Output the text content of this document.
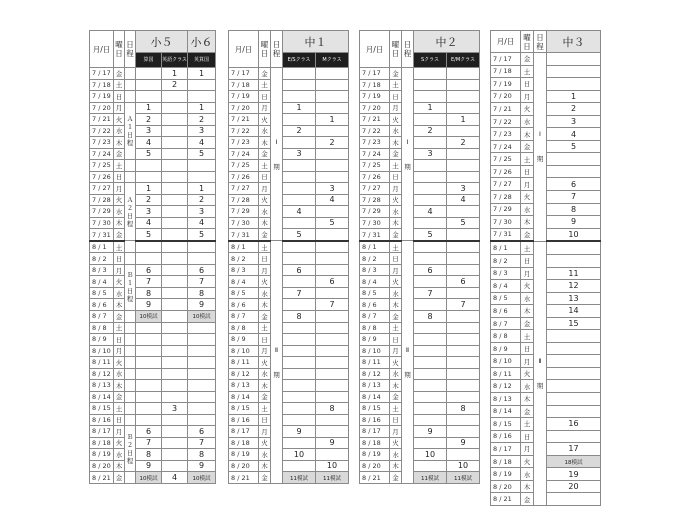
月/日	曜
日	日
程	小５		小６
			算国	英語クラス	英算国
7 / 17	金			1	1
7 / 18	土			2	
7 / 19	日				
7 / 20	月	Ａ１日程	1		1
7 / 21	火		2		2
7 / 22	水		3		3
7 / 23	木		4		4
7 / 24	金		5		5
7 / 25	土				
7 / 26	日				
7 / 27	月	Ａ２日程	1		1
7 / 28	火		2		2
7 / 29	水		3		3
7 / 30	木		4		4
7 / 31	金		5		5
8 / 1	土				
8 / 2	日				
8 / 3	月	Ｂ１日程	6		6
8 / 4	火		7		7
8 / 5	水		8		8
8 / 6	木		9		9
8 / 7	金		10模試		10模試
8 / 8	土				
8 / 9	日				
8 / 10	月				
8 / 11	火				
8 / 12	水				
8 / 13	木				
8 / 14	金				
8 / 15	土			3	
8 / 16	日				
8 / 17	月	Ｂ２日程	6		6
8 / 18	火		7		7
8 / 19	水		8		8
8 / 20	木		9		9
8 / 21	金		10模試	4	10模試
月/日	曜
日	日
程	中１	
			E/Sクラス	Mクラス
7 / 17	金	Ⅰ

期		
7 / 18	土			
7 / 19	日			
7 / 20	月		1	
7 / 21	火			1
7 / 22	水		2	
7 / 23	木			2
7 / 24	金		3	
7 / 25	土			
7 / 26	日			
7 / 27	月			3
7 / 28	火			4
7 / 29	水		4	
7 / 30	木			5
7 / 31	金		5	
8 / 1	土	Ⅱ

期		
8 / 2	日			
8 / 3	月		6	
8 / 4	火			6
8 / 5	水		7	
8 / 6	木			7
8 / 7	金		8	
8 / 8	土			
8 / 9	日			
8 / 10	月			
8 / 11	火			
8 / 12	水			
8 / 13	木			
8 / 14	金			
8 / 15	土			8
8 / 16	日			
8 / 17	月		9	
8 / 18	火			9
8 / 19	水		10	
8 / 20	木			10
8 / 21	金		11模試	11模試
月/日	曜
日	日
程	中２	
			Sクラス	E/Mクラス
7 / 17	金	Ⅰ

期		
7 / 18	土			
7 / 19	日			
7 / 20	月		1	
7 / 21	火			1
7 / 22	水		2	
7 / 23	木			2
7 / 24	金		3	
7 / 25	土			
7 / 26	日			
7 / 27	月			3
7 / 28	火			4
7 / 29	水		4	
7 / 30	木			5
7 / 31	金		5	
8 / 1	土	Ⅱ

期		
8 / 2	日			
8 / 3	月		6	
8 / 4	火			6
8 / 5	水		7	
8 / 6	木			7
8 / 7	金		8	
8 / 8	土			
8 / 9	日			
8 / 10	月			
8 / 11	火			
8 / 12	水			
8 / 13	木			
8 / 14	金			
8 / 15	土			8
8 / 16	日			
8 / 17	月		9	
8 / 18	火			9
8 / 19	水		10	
8 / 20	木			10
8 / 21	金		11模試	11模試
月/日	曜
日	日
程	中３

7 / 17	金	Ⅰ

期	
7 / 18	土		
7 / 19	日		
7 / 20	月		1
7 / 21	火		2
7 / 22	水		3
7 / 23	木		4
7 / 24	金		5
7 / 25	土		
7 / 26	日		
7 / 27	月		6
7 / 28	火		7
7 / 29	水		8
7 / 30	木		9
7 / 31	金		10
8 / 1	土	Ⅱ

期	
8 / 2	日		
8 / 3	月		11
8 / 4	火		12
8 / 5	水		13
8 / 6	木		14
8 / 7	金		15
8 / 8	土		
8 / 9	日		
8 / 10	月		
8 / 11	火		
8 / 12	水		
8 / 13	木		
8 / 14	金		
8 / 15	土		16
8 / 16	日		
8 / 17	月		17
8 / 18	火		18模試
8 / 19	水		19
8 / 20	木		20
8 / 21	金		
